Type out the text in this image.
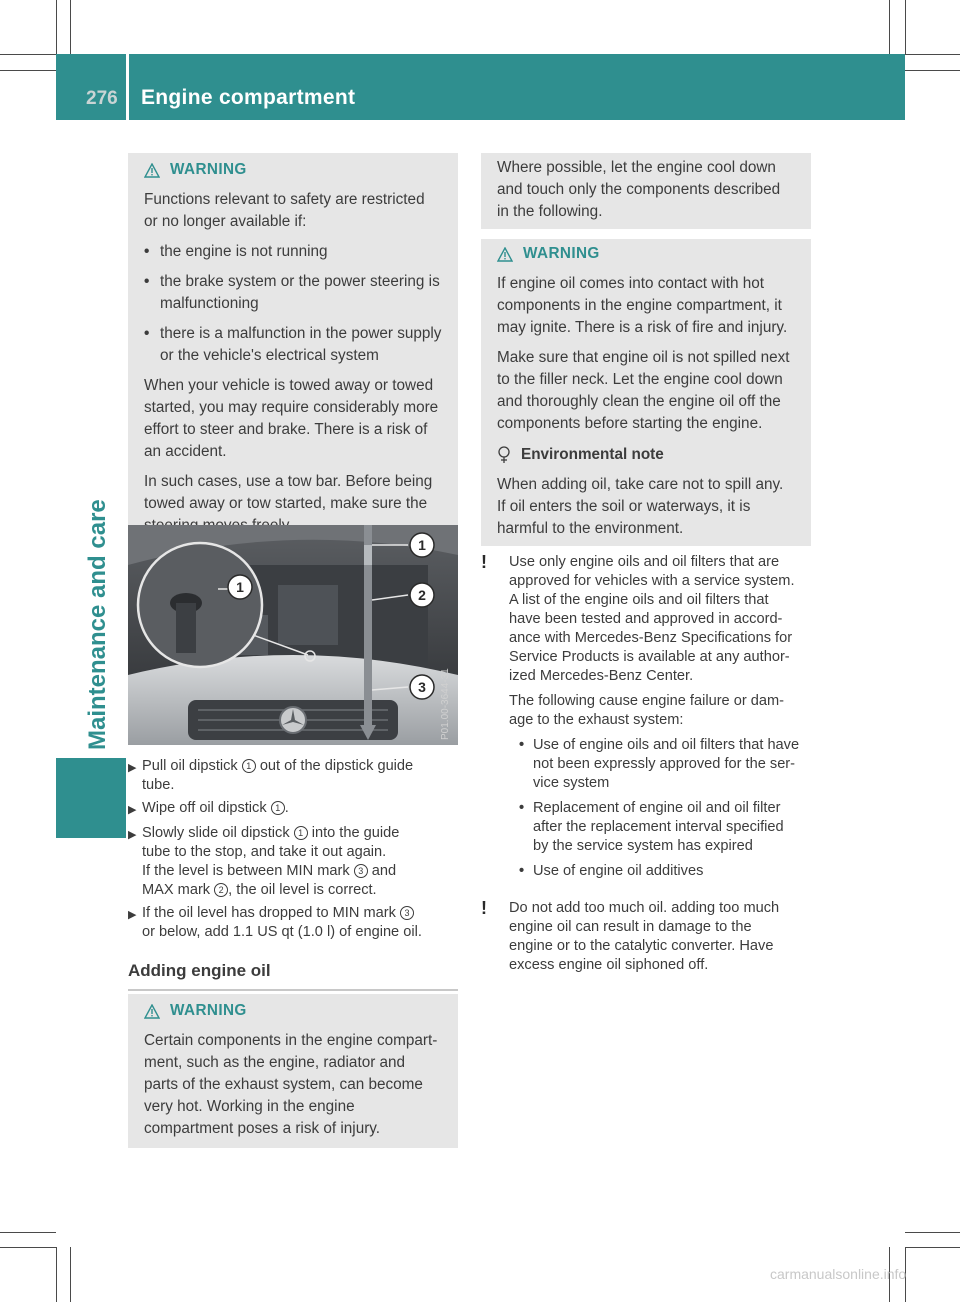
276 Engine compartment
Maintenance and care
WARNING

Functions relevant to safety are restricted or no longer available if:

• the engine is not running
• the brake system or the power steering is malfunctioning
• there is a malfunction in the power supply or the vehicle's electrical system

When your vehicle is towed away or towed started, you may require considerably more effort to steer and brake. There is a risk of an accident.

In such cases, use a tow bar. Before being towed away or tow started, make sure the

1
1
2
3 P01.00-3644-31
▶ Pull oil dipstick 1 out of the dipstick guide
tube.
▶ Wipe off oil dipstick 1 .
▶ Slowly slide oil dipstick 1 into the guide
tube to the stop, and take it out again.
If the level is between MIN mark 3 and
MAX mark 2 , the oil level is correct.
▶ If the oil level has dropped to MIN mark 3
or below, add 1.1 US qt (1.0 l) of engine oil.
Adding engine oil
WARNING

Certain components in the engine compart-ment, such as the engine, radiator and parts of the exhaust system, can become very hot. Working in the engine compartment poses a risk of injury.

Where possible, let the engine cool down and touch only the components described in the following.

WARNING

If engine oil comes into contact with hot components in the engine compartment, it may ignite. There is a risk of fire and injury.

Make sure that engine oil is not spilled next to the filler neck. Let the engine cool down and thoroughly clean the engine oil off the components before starting the engine.

Environmental note

When adding oil, take care not to spill any. If oil enters the soil or waterways, it is harmful to the environment.

!	Use only engine oils and oil filters that are
approved for vehicles with a service system.
A list of the engine oils and oil filters that
have been tested and approved in accord-
ance with Mercedes-Benz Specifications for
Service Products is available at any author-
ized Mercedes-Benz Center.

The following cause engine failure or dam-
age to the exhaust system:

• Use of engine oils and oil filters that have
not been expressly approved for the ser-
vice system
• Replacement of engine oil and oil filter
after the replacement interval specified
by the service system has expired
• Use of engine oil additives
!	Do not add too much oil. adding too much
engine oil can result in damage to the
engine or to the catalytic converter. Have
excess engine oil siphoned off.

carmanualsonline.info
